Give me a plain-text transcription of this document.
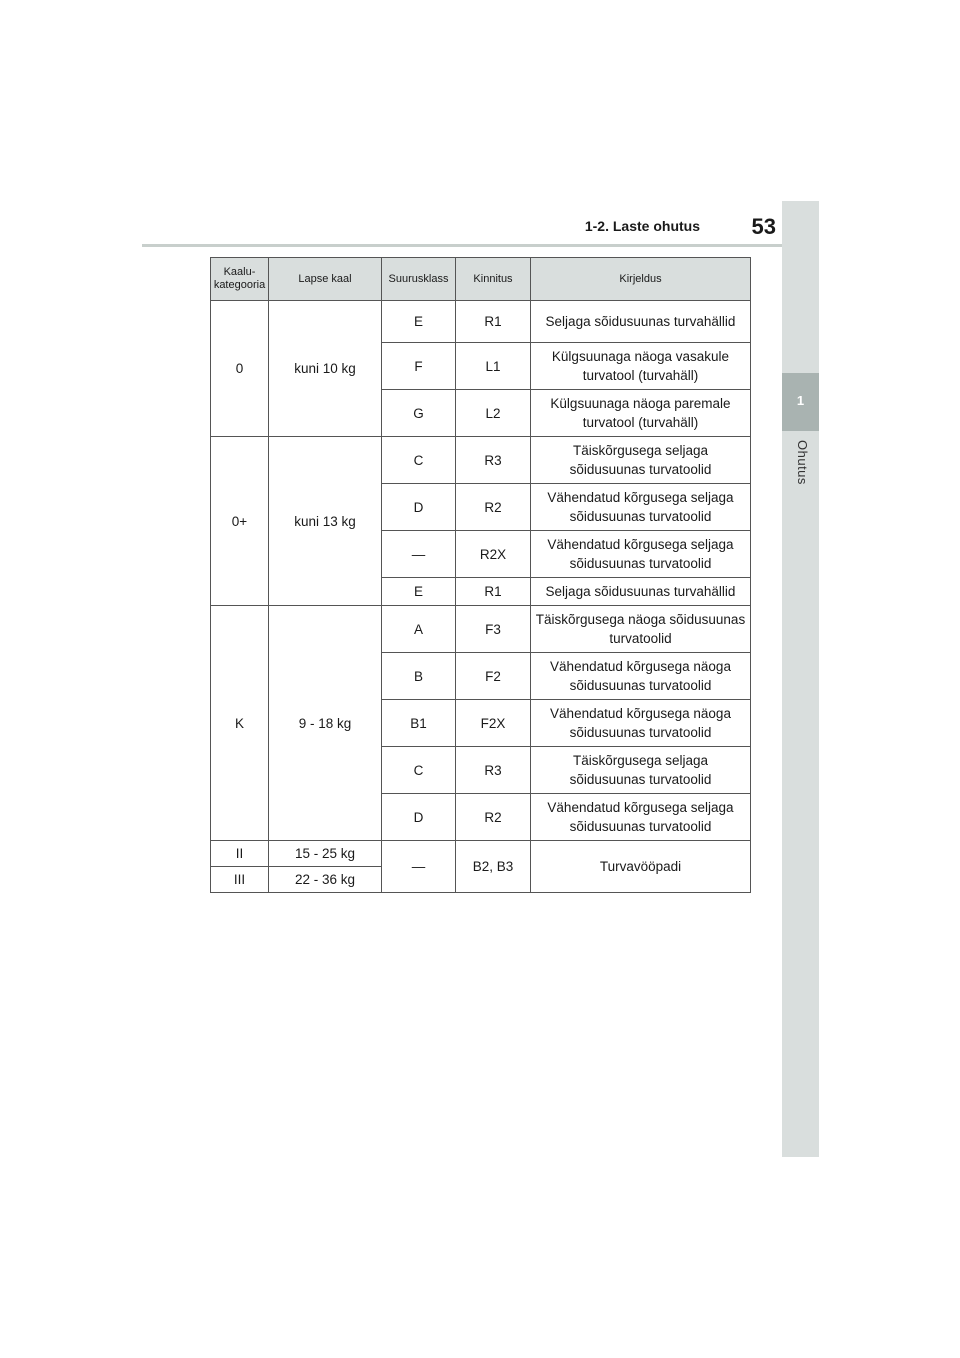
1-2. Laste ohutus	53
1
Ohutus
Kaalu-
kategooria	Lapse kaal	Suurusklass	Kinnitus	Kirjeldus
0	kuni 10 kg	E	R1	Seljaga sõidusuunas turvahällid
		F	L1	Külgsuunaga näoga vasakule turvatool (turvahäll)
		G	L2	Külgsuunaga näoga paremale turvatool (turvahäll)
0+	kuni 13 kg	C	R3	Täiskõrgusega seljaga sõidusuunas turvatoolid
		D	R2	Vähendatud kõrgusega seljaga sõidusuunas turvatoolid
		—	R2X	Vähendatud kõrgusega seljaga sõidusuunas turvatoolid
		E	R1	Seljaga sõidusuunas turvahällid
K	9 - 18 kg	A	F3	Täiskõrgusega näoga sõidusuunas turvatoolid
		B	F2	Vähendatud kõrgusega näoga sõidusuunas turvatoolid
		B1	F2X	Vähendatud kõrgusega näoga sõidusuunas turvatoolid
		C	R3	Täiskõrgusega seljaga sõidusuunas turvatoolid
		D	R2	Vähendatud kõrgusega seljaga sõidusuunas turvatoolid
II	15 - 25 kg	—	B2, B3	Turvavööpadi
III	22 - 36 kg			
